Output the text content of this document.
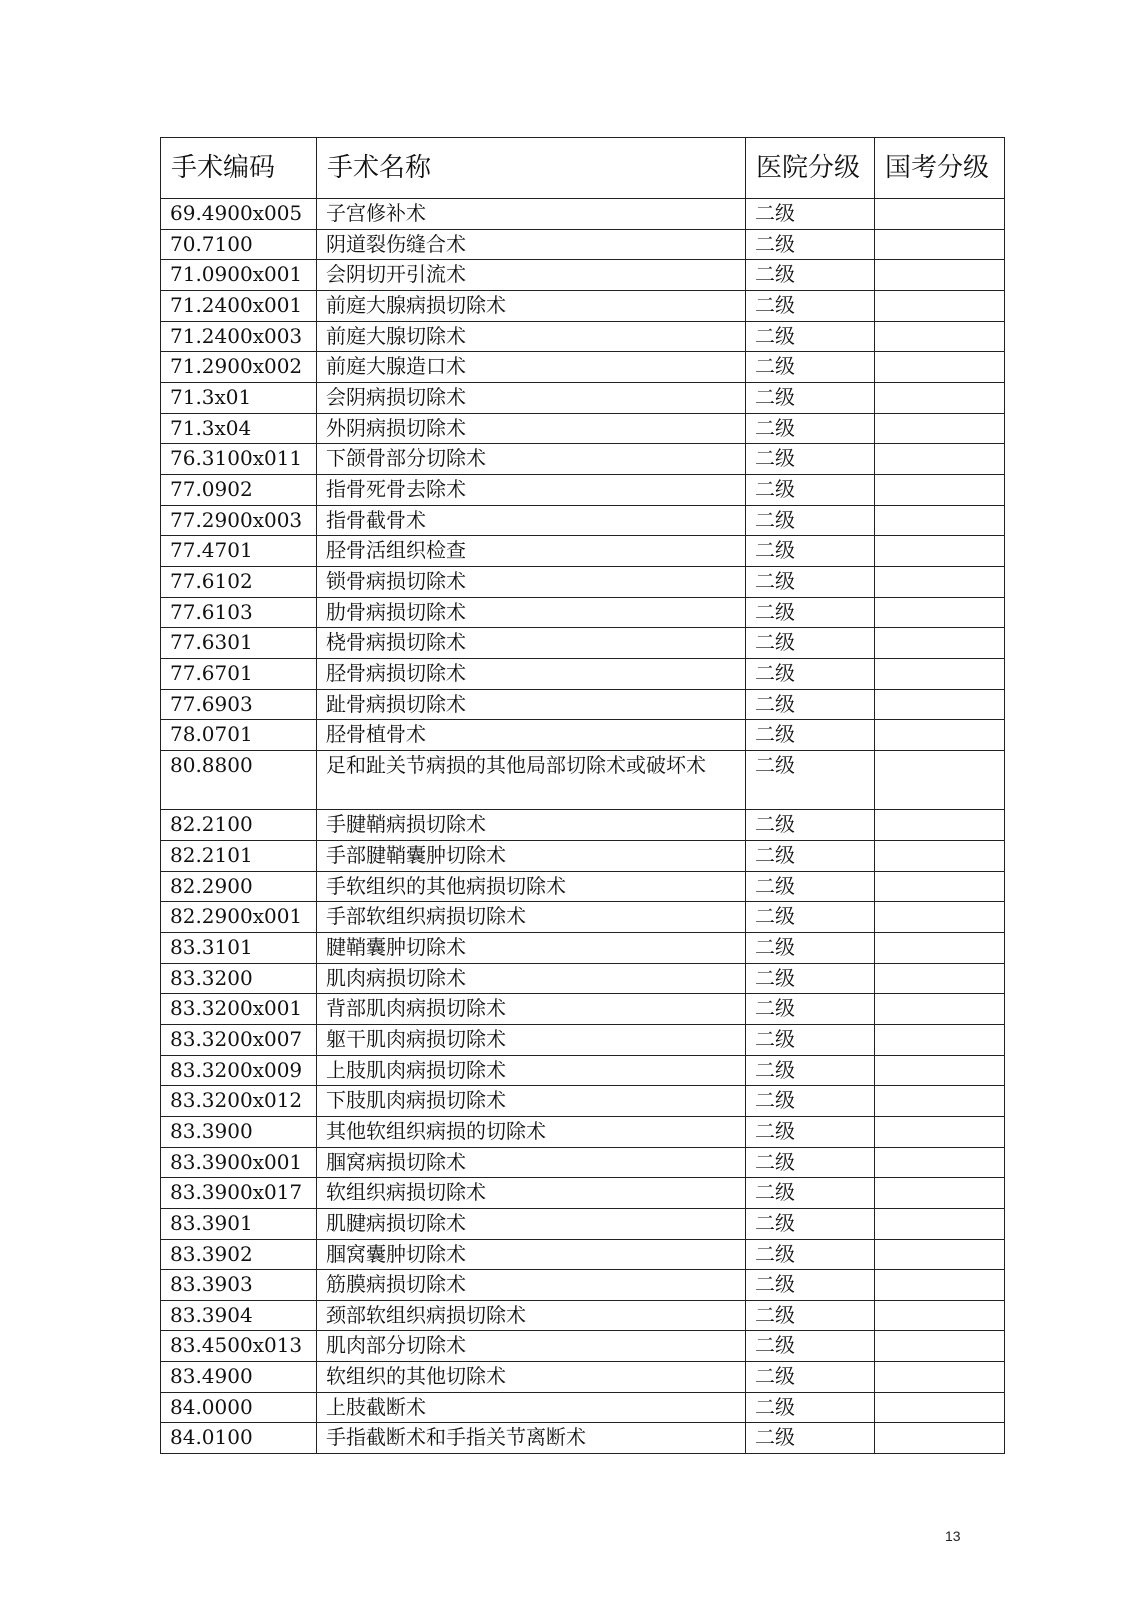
手术编码	手术名称	医院分级	国考分级
69.4900x005	子宫修补术	二级	
70.7100	阴道裂伤缝合术	二级	
71.0900x001	会阴切开引流术	二级	
71.2400x001	前庭大腺病损切除术	二级	
71.2400x003	前庭大腺切除术	二级	
71.2900x002	前庭大腺造口术	二级	
71.3x01	会阴病损切除术	二级	
71.3x04	外阴病损切除术	二级	
76.3100x011	下颌骨部分切除术	二级	
77.0902	指骨死骨去除术	二级	
77.2900x003	指骨截骨术	二级	
77.4701	胫骨活组织检查	二级	
77.6102	锁骨病损切除术	二级	
77.6103	肋骨病损切除术	二级	
77.6301	桡骨病损切除术	二级	
77.6701	胫骨病损切除术	二级	
77.6903	趾骨病损切除术	二级	
78.0701	胫骨植骨术	二级	
80.8800	足和趾关节病损的其他局部切除术或破坏术	二级	
82.2100	手腱鞘病损切除术	二级	
82.2101	手部腱鞘囊肿切除术	二级	
82.2900	手软组织的其他病损切除术	二级	
82.2900x001	手部软组织病损切除术	二级	
83.3101	腱鞘囊肿切除术	二级	
83.3200	肌肉病损切除术	二级	
83.3200x001	背部肌肉病损切除术	二级	
83.3200x007	躯干肌肉病损切除术	二级	
83.3200x009	上肢肌肉病损切除术	二级	
83.3200x012	下肢肌肉病损切除术	二级	
83.3900	其他软组织病损的切除术	二级	
83.3900x001	腘窝病损切除术	二级	
83.3900x017	软组织病损切除术	二级	
83.3901	肌腱病损切除术	二级	
83.3902	腘窝囊肿切除术	二级	
83.3903	筋膜病损切除术	二级	
83.3904	颈部软组织病损切除术	二级	
83.4500x013	肌肉部分切除术	二级	
83.4900	软组织的其他切除术	二级	
84.0000	上肢截断术	二级	
84.0100	手指截断术和手指关节离断术	二级	
13
